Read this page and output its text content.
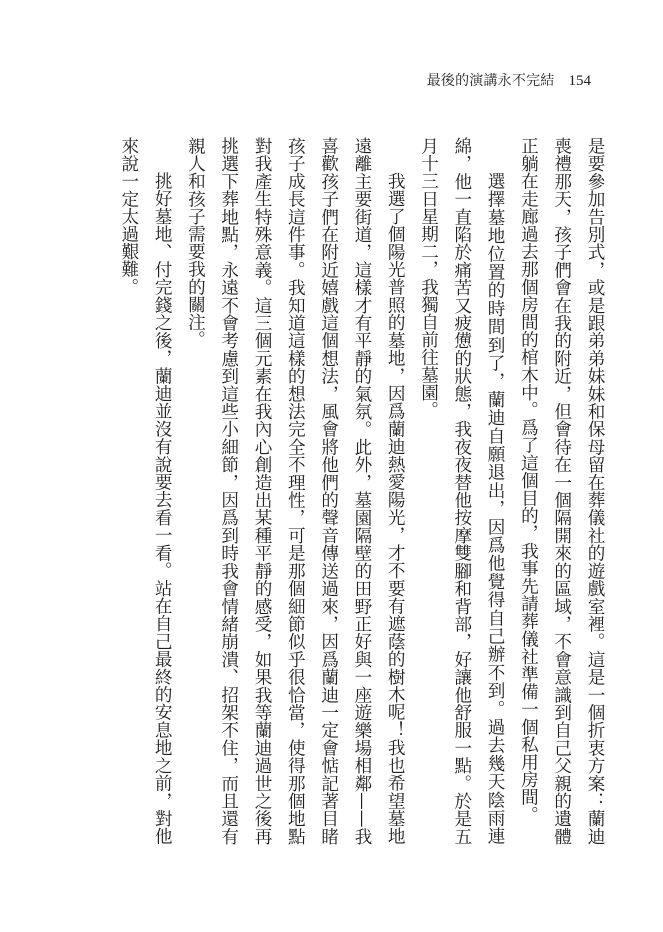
最後的演講永不完結 154
是要參加告別式，或是跟弟弟妹妹和保母留在葬儀社的遊戲室裡。這是一個折衷方案：蘭迪
喪禮那天，孩子們會在我的附近，但會待在一個隔開來的區域，不會意識到自己父親的遺體
正躺在走廊過去那個房間的棺木中。爲了這個目的，我事先請葬儀社準備一個私用房間。
選擇墓地位置的時間到了，蘭迪自願退出，因爲他覺得自己辦不到。過去幾天陰雨連
綿，他一直陷於痛苦又疲憊的狀態，我夜夜替他按摩雙腳和背部，好讓他舒服一點。於是五
月十三日星期二，我獨自前往墓園。
我選了個陽光普照的墓地，因爲蘭迪熱愛陽光，才不要有遮蔭的樹木呢！我也希望墓地
遠離主要街道，這樣才有平靜的氣氛。此外，墓園隔壁的田野正好與一座遊樂場相鄰——我
喜歡孩子們在附近嬉戲這個想法，風會將他們的聲音傳送過來，因爲蘭迪一定會惦記著目睹
孩子成長這件事。我知道這樣的想法完全不理性，可是那個細節似乎很恰當，使得那個地點
對我產生特殊意義。這三個元素在我內心創造出某種平靜的感受，如果我等蘭迪過世之後再
挑選下葬地點，永遠不會考慮到這些小細節，因爲到時我會情緒崩潰、招架不住，而且還有
親人和孩子需要我的關注。
挑好墓地、付完錢之後，蘭迪並沒有說要去看一看。站在自己最終的安息地之前，對他
來說一定太過艱難。
